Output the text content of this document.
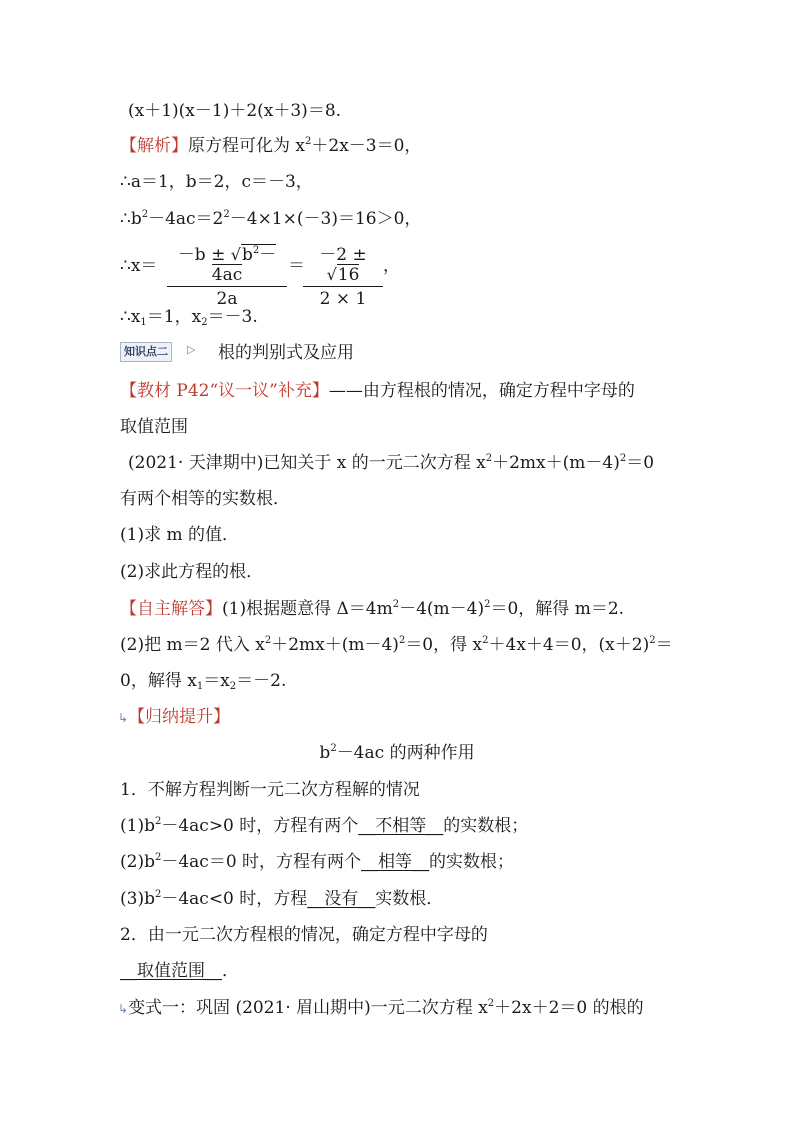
(x＋1)(x－1)＋2(x＋3)＝8.
【解析】原方程可化为 $x^2+2x-3=0$，
∴a＝1，b＝2，c＝－3，
$\therefore b^2-4ac=2^2-4\times 1\times(-3)=16>0$，
∴x＝ $\frac{-b \pm √b^2-4ac}{2a}$ ＝
$\frac{-2 \pm √16}{2 \times 1}$ ，
$\therefore x_1=1$，$x_2=-3$.
知识点二	▷ 根的判别式及应用
【教材 P42“议一议”补充】——由方程根的情况，确定方程中字母的
取值范围
(2021· 天津期中)已知关于 x 的一元二次方程 $x^2+2mx+(m-4)^2=0$
有两个相等的实数根．
(1)求 m 的值．
(2)求此方程的根．
【自主解答】(1)根据题意得 $\Delta=4m^2-4(m-4)^2=0$，解得 m＝2.
(2)把 m＝2 代入 $x^2+2mx+(m-4)^2=0$，得 $x^2+4x+4=0$，$(x+2)^2=$
0，解得 $x_1=x_2=-2$.
↳【归纳提升】
$b^2-4ac$ 的两种作用
1．不解方程判断一元二次方程解的情况
$(1)b^2-4ac>0$ 时，方程有两个__不相等__的实数根；
$(2)b^2-4ac=0$ 时，方程有两个__相等__的实数根；
$(3)b^2-4ac<0$ 时，方程__没有__实数根．
2．由一元二次方程根的情况，确定方程中字母的
__取值范围__．
↳变式一：巩固 (2021· 眉山期中)一元二次方程 $x^2+2x+2=0$ 的根的
